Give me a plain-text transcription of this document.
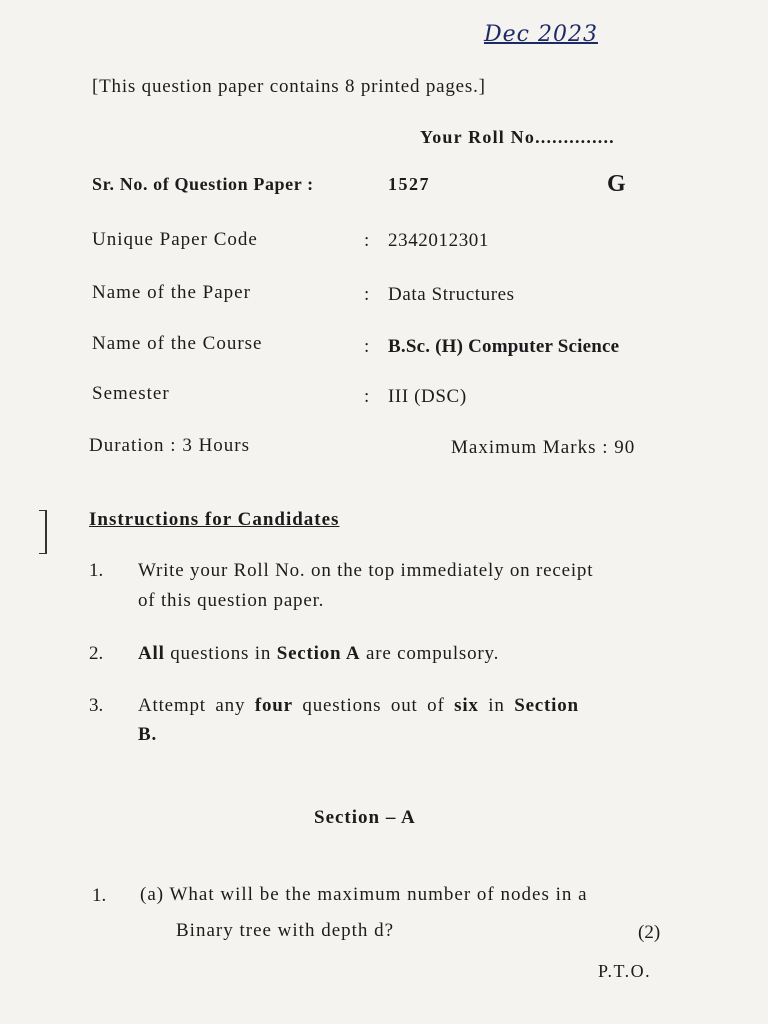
Dec 2023
[This question paper contains 8 printed pages.]
Your Roll No..............
Sr. No. of Question Paper :	1527	G
Unique Paper Code	: 2342012301
Name of the Paper	: Data Structures
Name of the Course	: B.Sc. (H) Computer Science
Semester	: III (DSC)
Duration : 3 Hours	Maximum Marks : 90
Instructions for Candidates
1. Write your Roll No. on the top immediately on receipt
of this question paper.
2. All questions in Section A are compulsory.
3. Attempt any four questions out of six in Section
B.
Section – A
1. (a) What will be the maximum number of nodes in a
Binary tree with depth d?	(2)
P.T.O.
